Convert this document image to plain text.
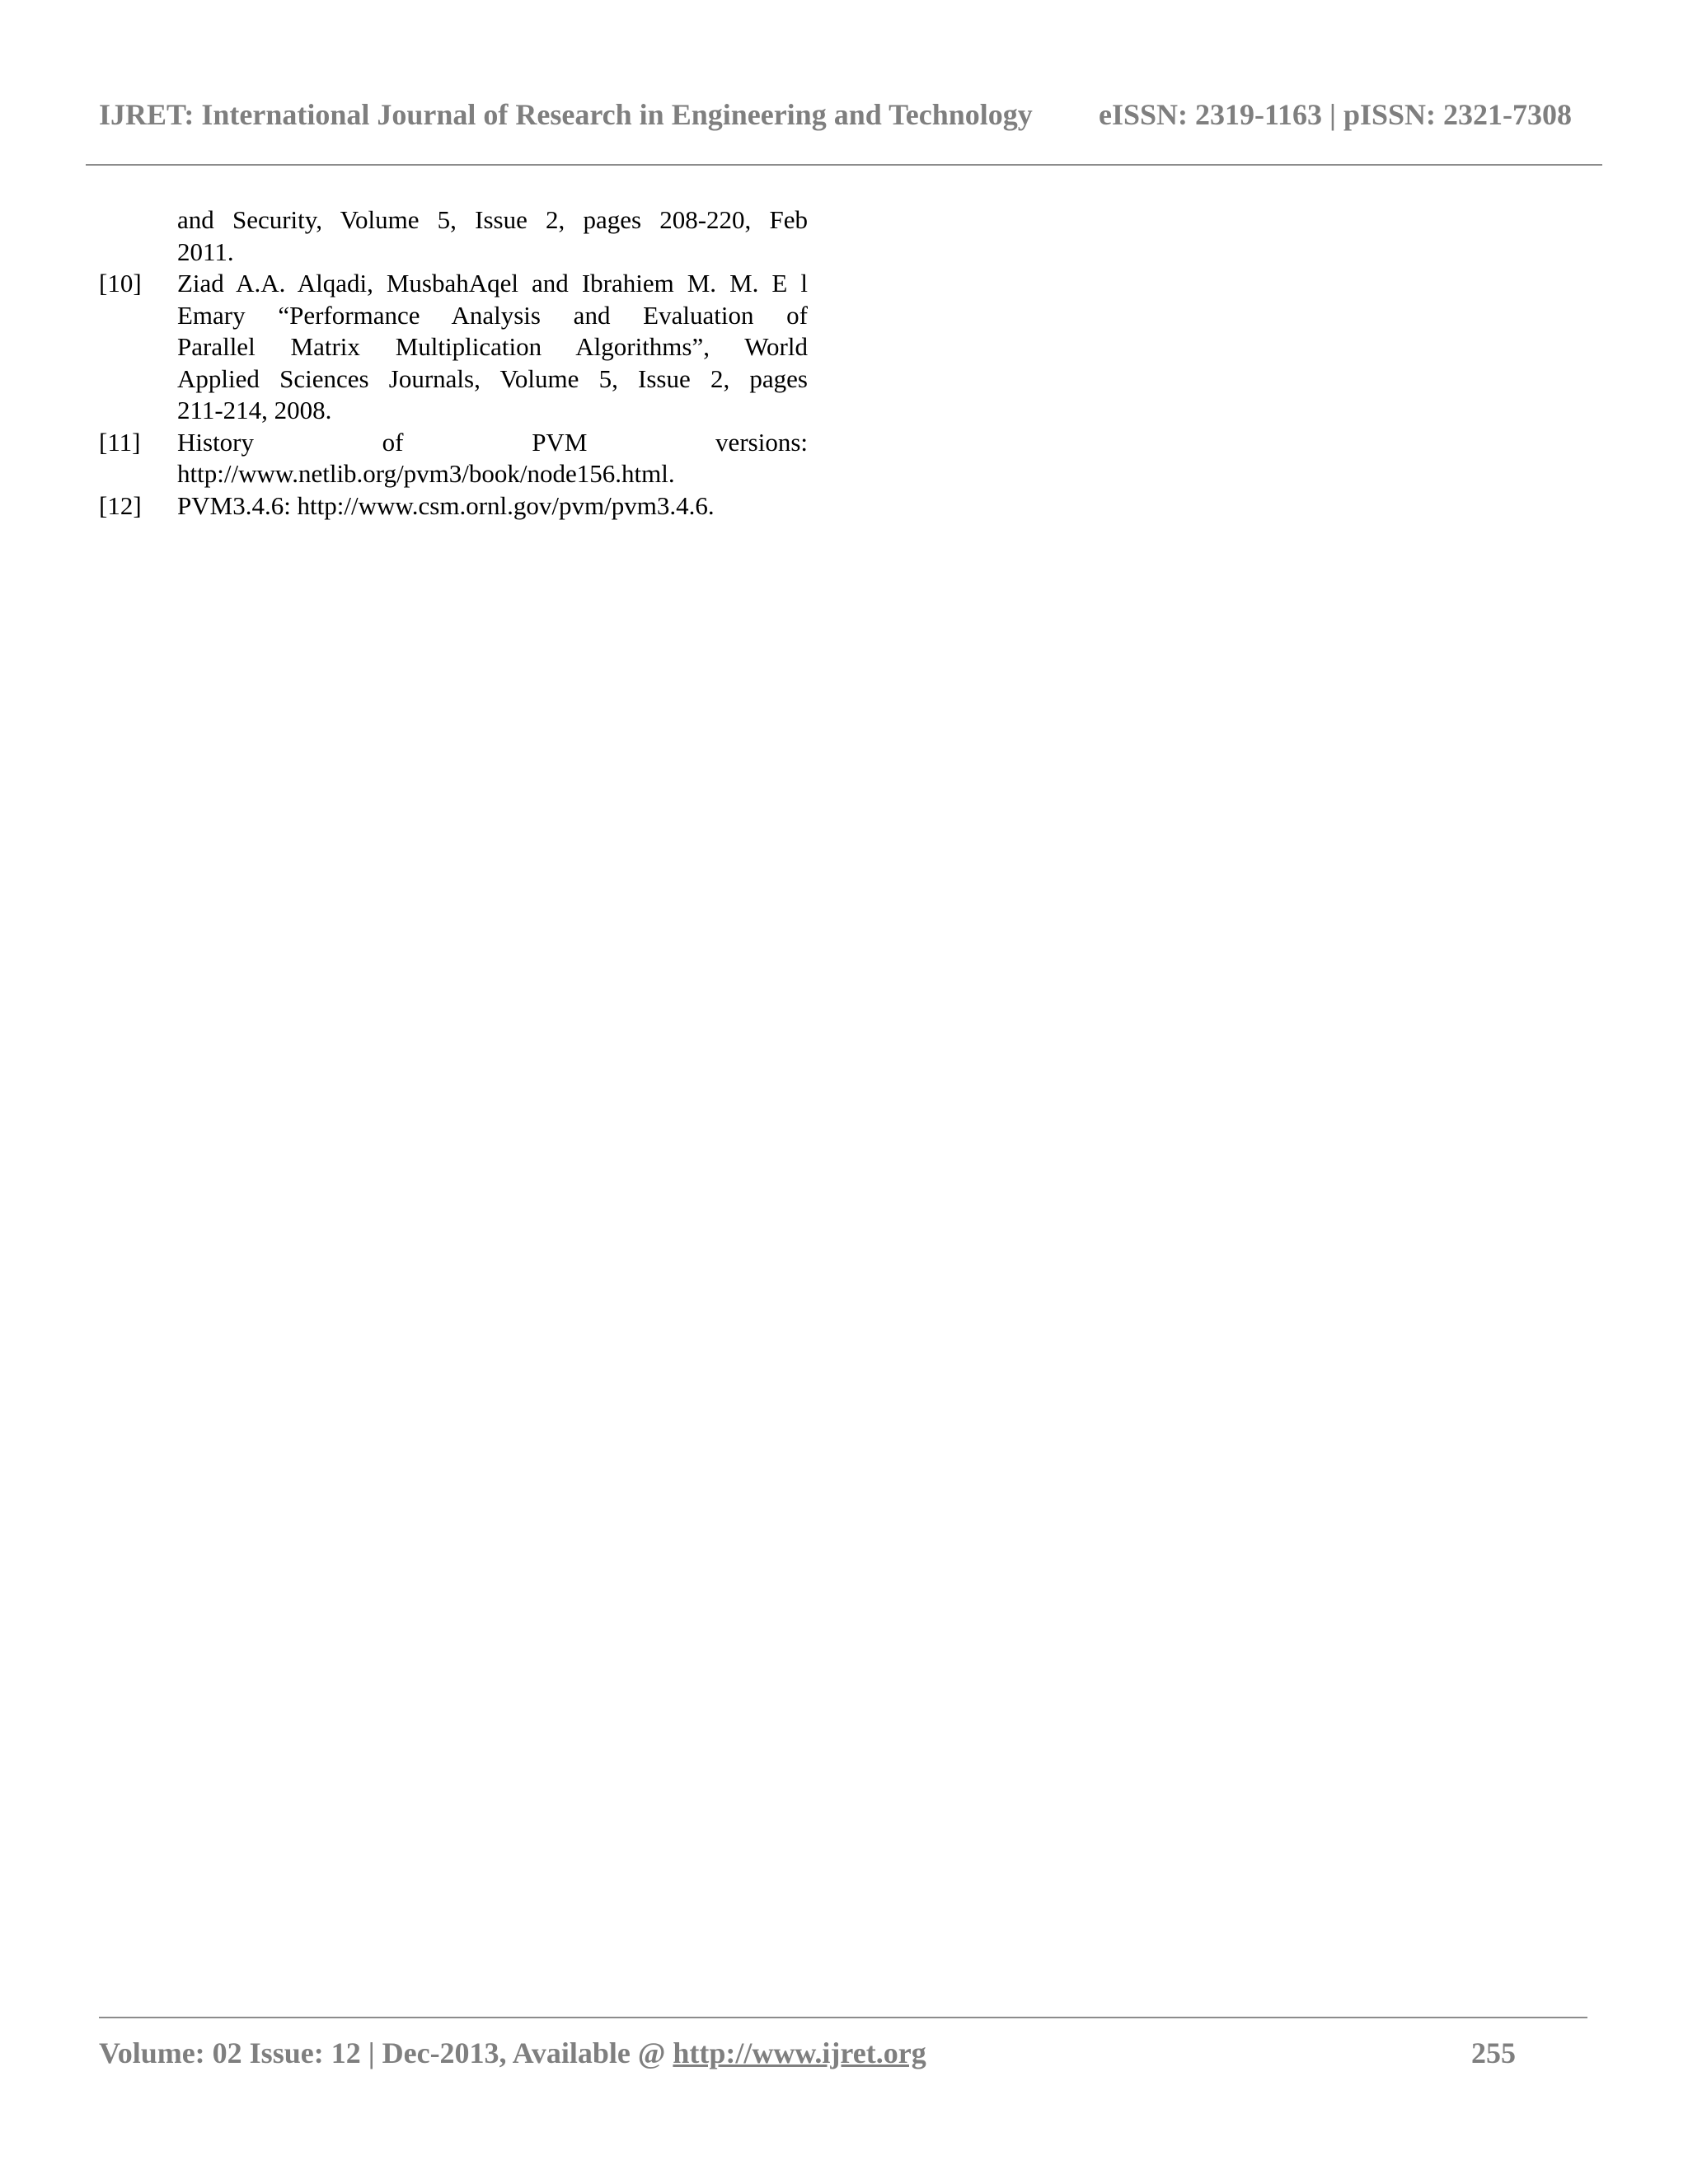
IJRET: International Journal of Research in Engineering and Technology eISSN: 2319-1163 | pISSN: 2321-7308
and Security, Volume 5, Issue 2, pages 208-220, Feb
2011.
[10] Ziad A.A. Alqadi, MusbahAqel and Ibrahiem M. M. E l
Emary “Performance Analysis and Evaluation of
Parallel Matrix Multiplication Algorithms”, World
Applied Sciences Journals, Volume 5, Issue 2, pages
211-214, 2008.
[11] History of PVM versions:
http://www.netlib.org/pvm3/book/node156.html.
[12] PVM3.4.6: http://www.csm.ornl.gov/pvm/pvm3.4.6.
Volume: 02 Issue: 12 | Dec-2013, Available @ http://www.ijret.org	255
